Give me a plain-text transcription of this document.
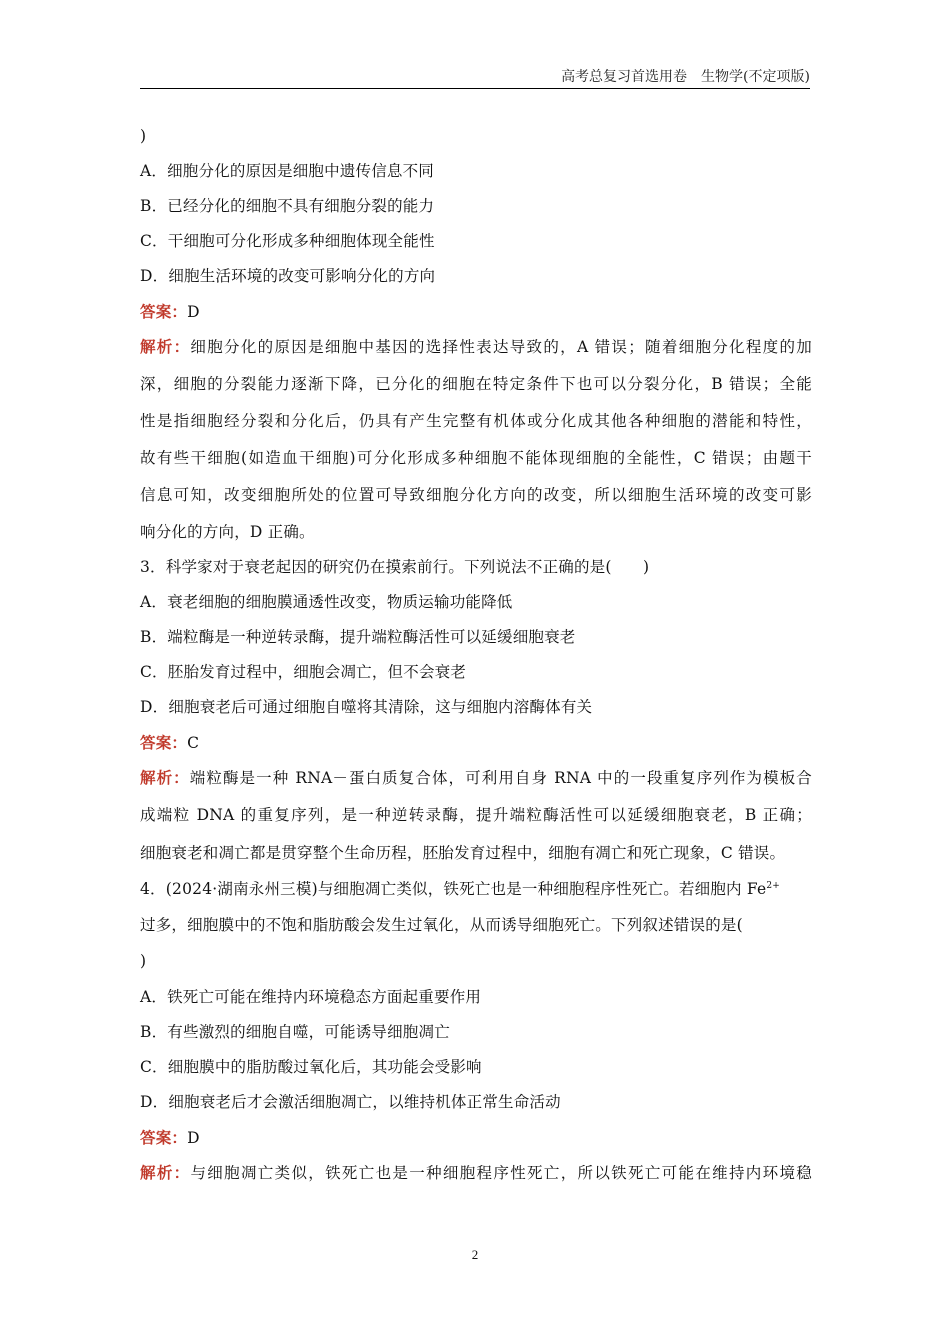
高考总复习首选用卷　生物学(不定项版)
)
A．细胞分化的原因是细胞中遗传信息不同
B．已经分化的细胞不具有细胞分裂的能力
C．干细胞可分化形成多种细胞体现全能性
D．细胞生活环境的改变可影响分化的方向
答案：D
解析：细胞分化的原因是细胞中基因的选择性表达导致的，A 错误；随着细胞分化程度的加
深，细胞的分裂能力逐渐下降，已分化的细胞在特定条件下也可以分裂分化，B 错误；全能
性是指细胞经分裂和分化后，仍具有产生完整有机体或分化成其他各种细胞的潜能和特性，
故有些干细胞(如造血干细胞)可分化形成多种细胞不能体现细胞的全能性，C 错误；由题干
信息可知，改变细胞所处的位置可导致细胞分化方向的改变，所以细胞生活环境的改变可影
响分化的方向，D 正确。
3．科学家对于衰老起因的研究仍在摸索前行。下列说法不正确的是(　　)
A．衰老细胞的细胞膜通透性改变，物质运输功能降低
B．端粒酶是一种逆转录酶，提升端粒酶活性可以延缓细胞衰老
C．胚胎发育过程中，细胞会凋亡，但不会衰老
D．细胞衰老后可通过细胞自噬将其清除，这与细胞内溶酶体有关
答案：C
解析：端粒酶是一种 RNA－蛋白质复合体，可利用自身 RNA 中的一段重复序列作为模板合
成端粒 DNA 的重复序列，是一种逆转录酶，提升端粒酶活性可以延缓细胞衰老，B 正确；
细胞衰老和凋亡都是贯穿整个生命历程，胚胎发育过程中，细胞有凋亡和死亡现象，C 错误。
4．(2024·湖南永州三模)与细胞凋亡类似，铁死亡也是一种细胞程序性死亡。若细胞内 $Fe^{2+}$
过多，细胞膜中的不饱和脂肪酸会发生过氧化，从而诱导细胞死亡。下列叙述错误的是(
)
A．铁死亡可能在维持内环境稳态方面起重要作用
B．有些激烈的细胞自噬，可能诱导细胞凋亡
C．细胞膜中的脂肪酸过氧化后，其功能会受影响
D．细胞衰老后才会激活细胞凋亡，以维持机体正常生命活动
答案：D
解析：与细胞凋亡类似，铁死亡也是一种细胞程序性死亡，所以铁死亡可能在维持内环境稳
2
